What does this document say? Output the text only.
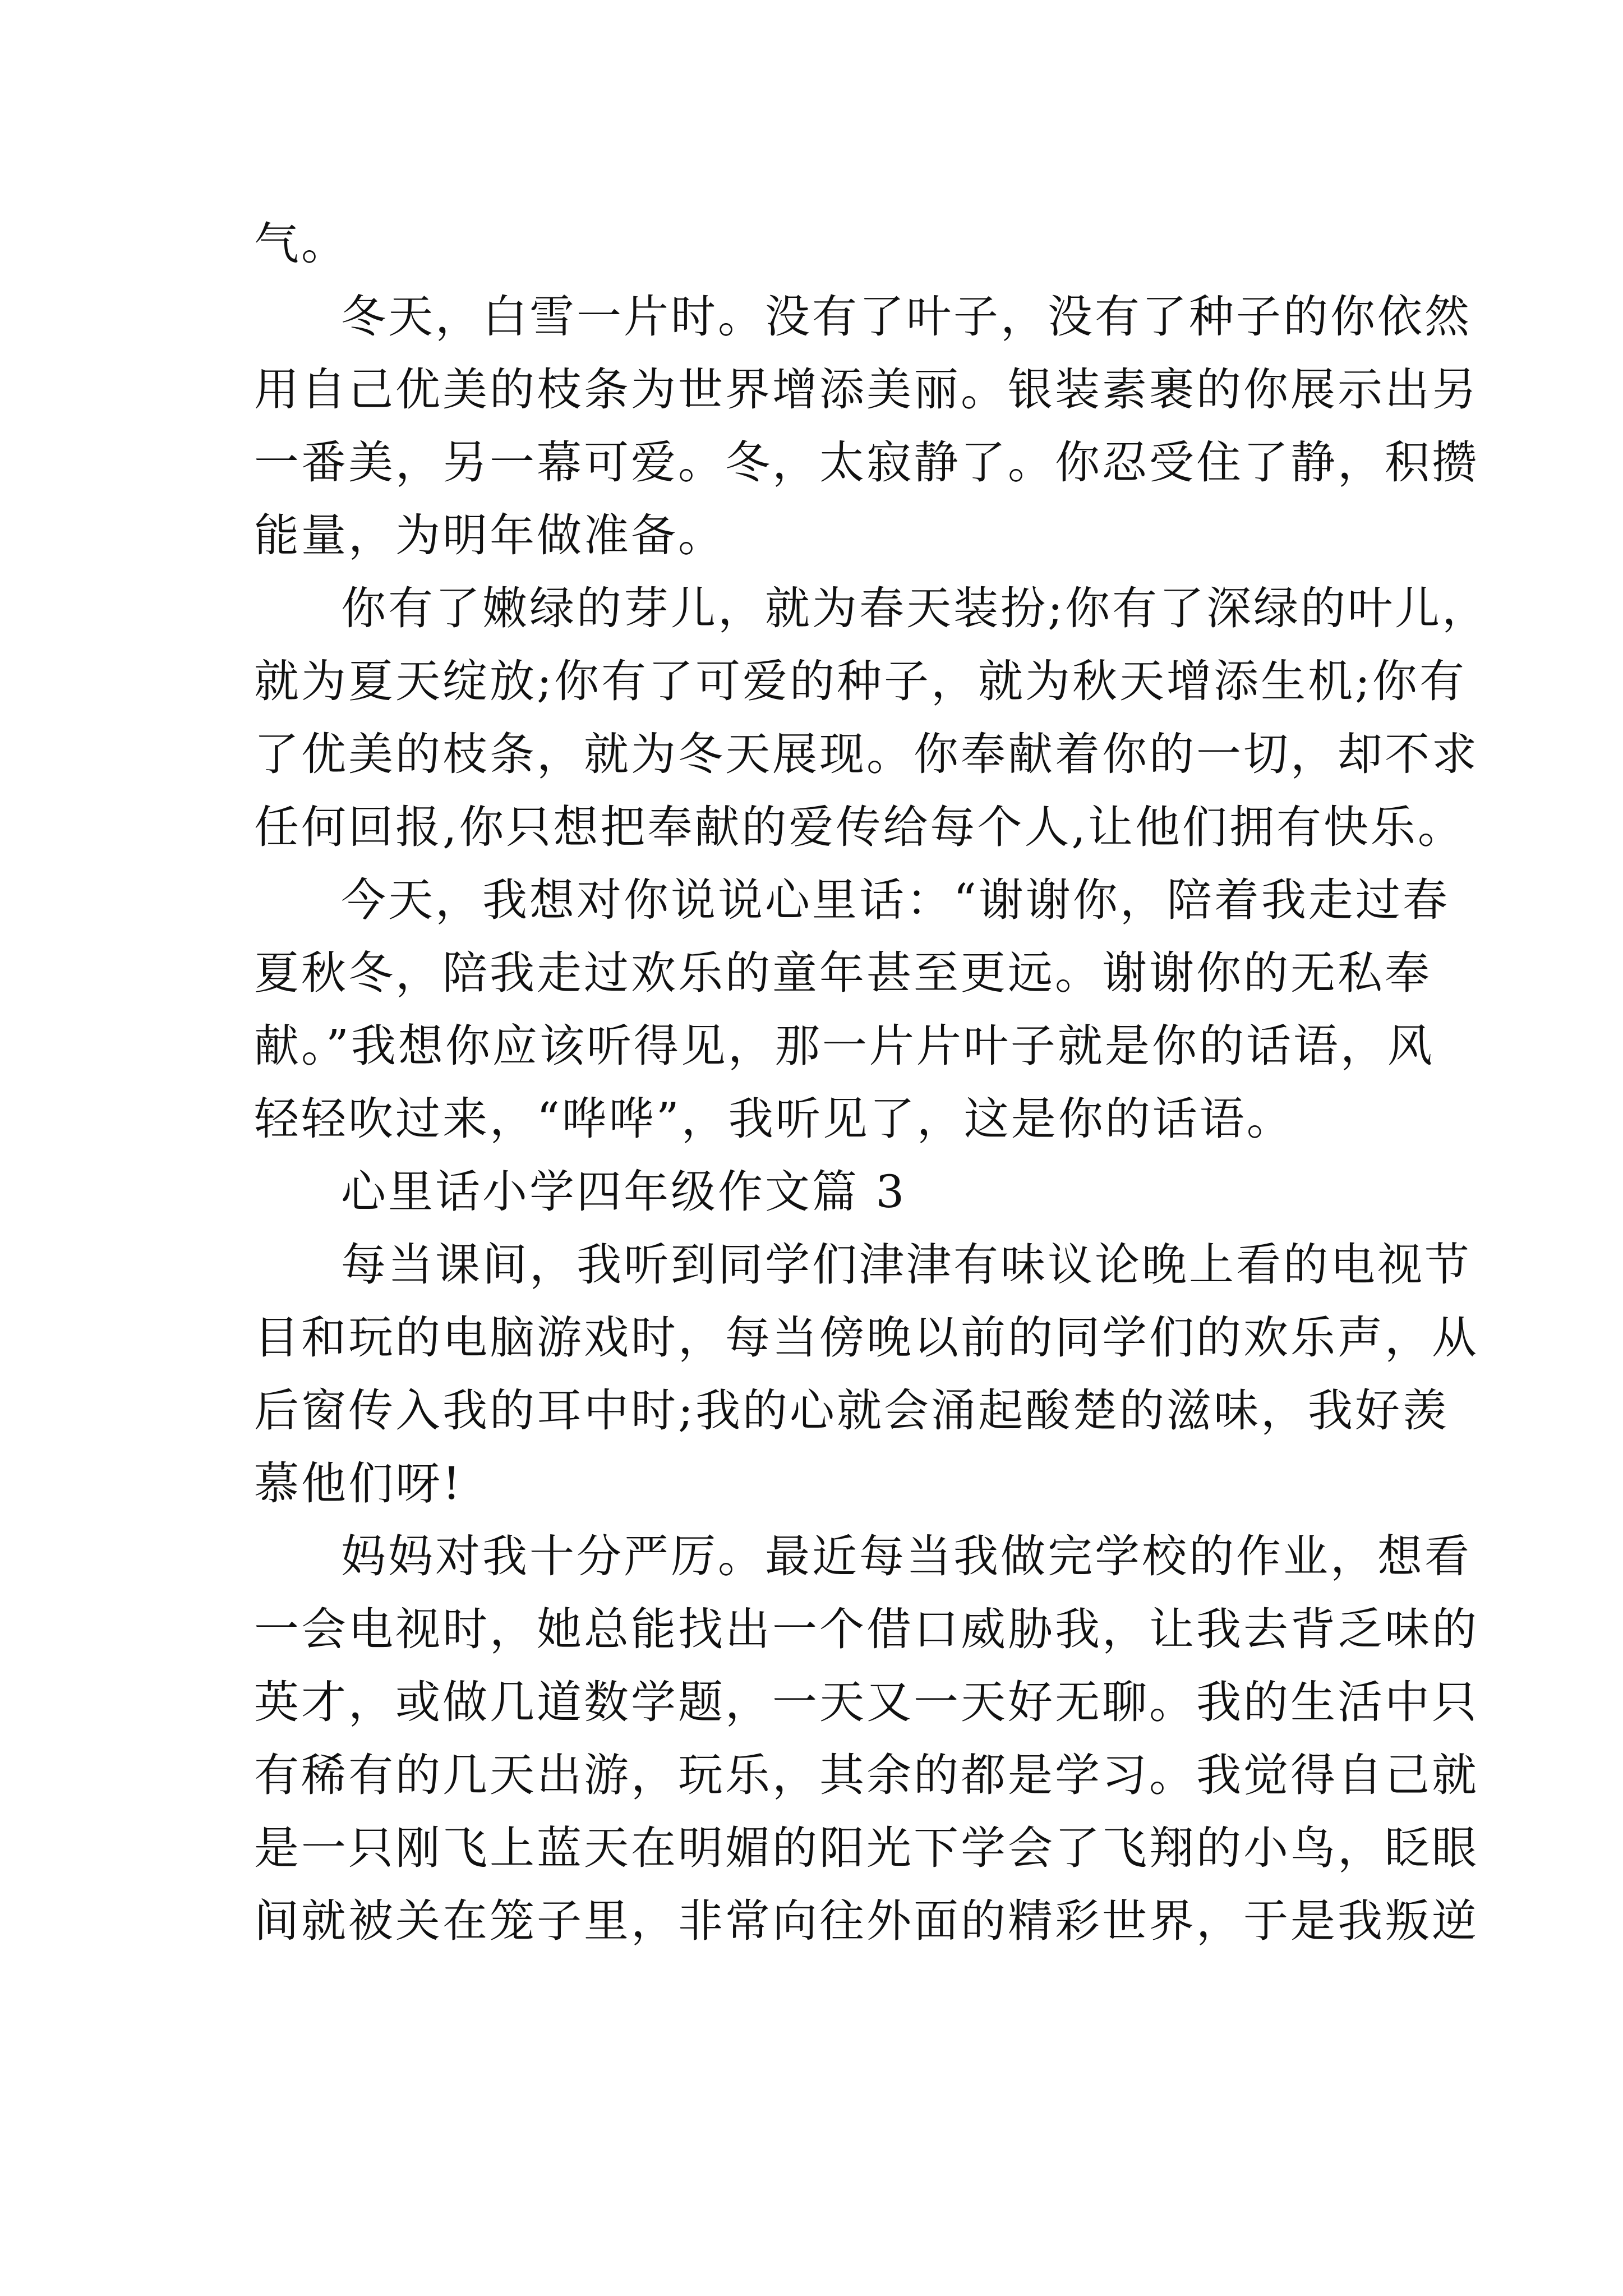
气。
冬天，白雪一片时。没有了叶子，没有了种子的你依然
用自己优美的枝条为世界增添美丽。银装素裹的你展示出另
一番美，另一幕可爱。冬，太寂静了。你忍受住了静，积攒
能量，为明年做准备。
你有了嫩绿的芽儿，就为春天装扮;你有了深绿的叶儿，
就为夏天绽放;你有了可爱的种子，就为秋天增添生机;你有
了优美的枝条，就为冬天展现。你奉献着你的一切，却不求
任何回报,你只想把奉献的爱传给每个人,让他们拥有快乐。
今天，我想对你说说心里话：“谢谢你，陪着我走过春
夏秋冬，陪我走过欢乐的童年甚至更远。谢谢你的无私奉
献。”我想你应该听得见，那一片片叶子就是你的话语，风
轻轻吹过来，“哗哗”，我听见了，这是你的话语。
心里话小学四年级作文篇 3
每当课间，我听到同学们津津有味议论晚上看的电视节
目和玩的电脑游戏时，每当傍晚以前的同学们的欢乐声，从
后窗传入我的耳中时;我的心就会涌起酸楚的滋味，我好羡
慕他们呀!
妈妈对我十分严厉。最近每当我做完学校的作业，想看
一会电视时，她总能找出一个借口威胁我，让我去背乏味的
英才，或做几道数学题，一天又一天好无聊。我的生活中只
有稀有的几天出游，玩乐，其余的都是学习。我觉得自己就
是一只刚飞上蓝天在明媚的阳光下学会了飞翔的小鸟，眨眼
间就被关在笼子里，非常向往外面的精彩世界，于是我叛逆
